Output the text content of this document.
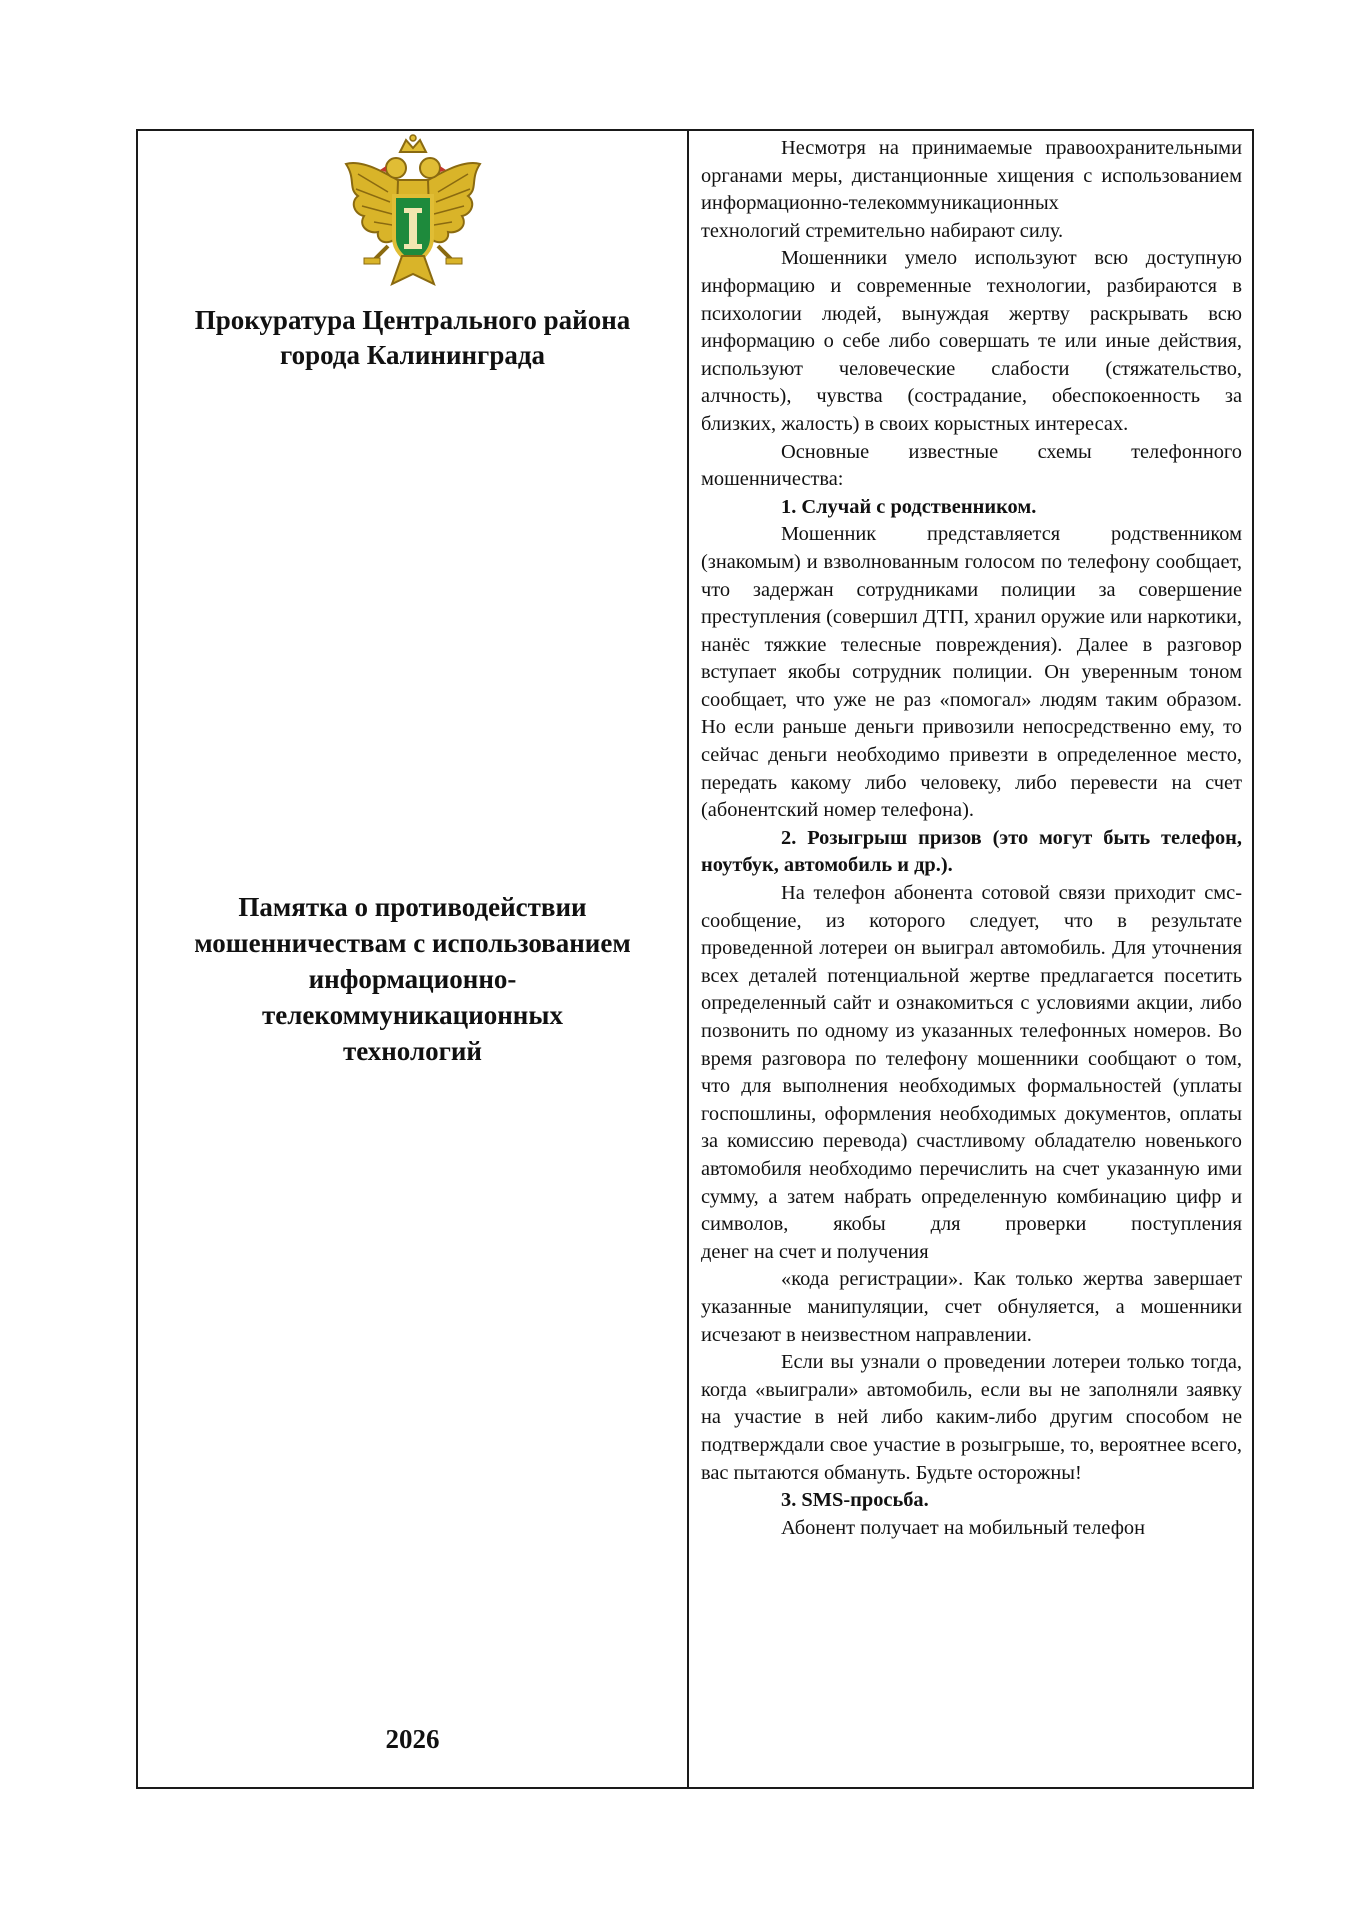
Прокуратура Центрального района
города Калининграда
Памятка о противодействии
мошенничествам с использованием
информационно-
телекоммуникационных
технологий
2026

Несмотря на принимаемые правоохранительными органами меры, дистанционные хищения с использованием информационно-телекоммуникационных

технологий стремительно набирают силу.

Мошенники умело используют всю доступную информацию и современные технологии, разбираются в психологии людей, вынуждая жертву раскрывать всю информацию о себе либо совершать те или иные действия, используют человеческие слабости (стяжательство, алчность), чувства (сострадание, обеспокоенность за близких, жалость) в своих корыстных интересах.

Основные известные схемы телефонного мошенничества:

1. Случай с родственником.

Мошенник представляется родственником (знакомым) и взволнованным голосом по телефону сообщает, что задержан сотрудниками полиции за совершение преступления (совершил ДТП, хранил оружие или наркотики, нанёс тяжкие телесные повреждения). Далее в разговор вступает якобы сотрудник полиции. Он уверенным тоном сообщает, что уже не раз «помогал» людям таким образом. Но если раньше деньги привозили непосредственно ему, то сейчас деньги необходимо привезти в определенное место, передать какому либо человеку, либо перевести на счет (абонентский номер телефона).

2. Розыгрыш призов (это могут быть телефон, ноутбук, автомобиль и др.).

На телефон абонента сотовой связи приходит смс-сообщение, из которого следует, что в результате проведенной лотереи он выиграл автомобиль. Для уточнения всех деталей потенциальной жертве предлагается посетить определенный сайт и ознакомиться с условиями акции, либо позвонить по одному из указанных телефонных номеров. Во время разговора по телефону мошенники сообщают о том, что для выполнения необходимых формальностей (уплаты госпошлины, оформления необходимых документов, оплаты за комиссию перевода) счастливому обладателю новенького автомобиля необходимо перечислить на счет указанную ими сумму, а затем набрать определенную комбинацию цифр и символов, якобы для проверки поступления

денег на счет и получения

«кода регистрации». Как только жертва завершает указанные манипуляции, счет обнуляется, а мошенники исчезают в неизвестном направлении.

Если вы узнали о проведении лотереи только тогда, когда «выиграли» автомобиль, если вы не заполняли заявку на участие в ней либо каким-либо другим способом не подтверждали свое участие в розыгрыше, то, вероятнее всего, вас пытаются обмануть. Будьте осторожны!

3. SMS-просьба.

Абонент получает на мобильный телефон
